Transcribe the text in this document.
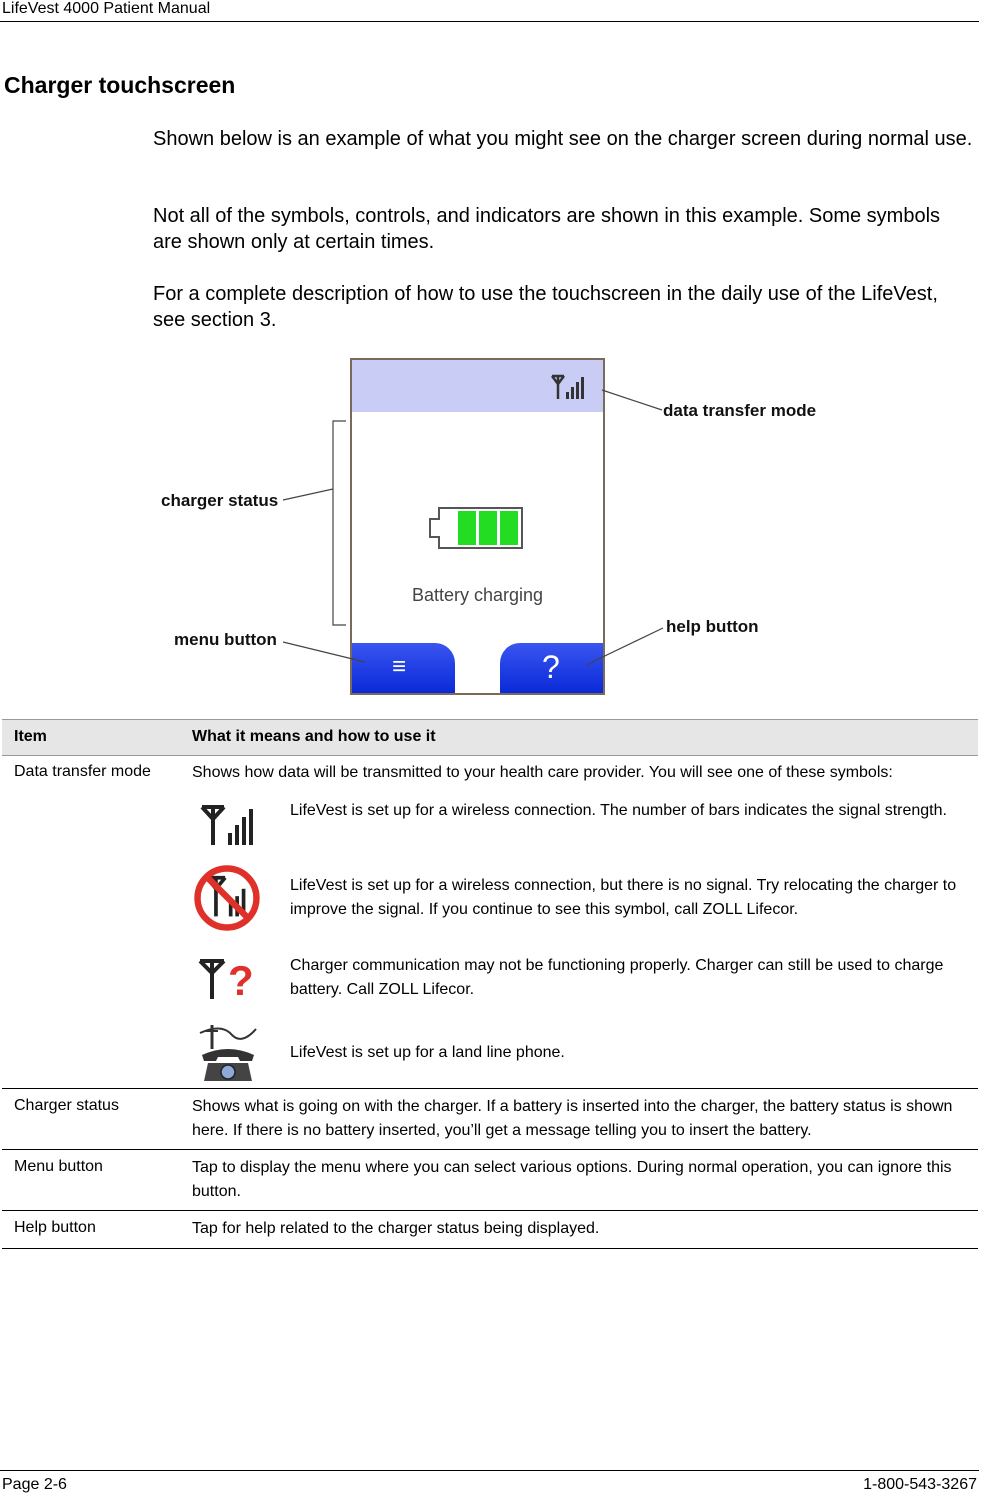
LifeVest 4000 Patient Manual
Charger touchscreen
Shown below is an example of what you might see on the charger screen during normal use.
Not all of the symbols, controls, and indicators are shown in this example. Some symbols are shown only at certain times.
For a complete description of how to use the touchscreen in the daily use of the LifeVest, see section 3.
Battery charging
≡	?
data transfer mode
charger status
menu button
help button
Item	What it means and how to use it
Data transfer mode	Shows how data will be transmitted to your health care provider. You will see one of these symbols:
LifeVest is set up for a wireless connection. The number of bars indicates the signal strength.
LifeVest is set up for a wireless connection, but there is no signal. Try relocating the charger to improve the signal. If you continue to see this symbol, call ZOLL Lifecor.
? Charger communication may not be functioning properly. Charger can still be used to charge battery. Call ZOLL Lifecor.
LifeVest is set up for a land line phone.
Charger status	Shows what is going on with the charger. If a battery is inserted into the charger, the battery status is shown here. If there is no battery inserted, you’ll get a message telling you to insert the battery.
Menu button	Tap to display the menu where you can select various options. During normal operation, you can ignore this button.
Help button	Tap for help related to the charger status being displayed.
Page 2-6	1-800-543-3267
